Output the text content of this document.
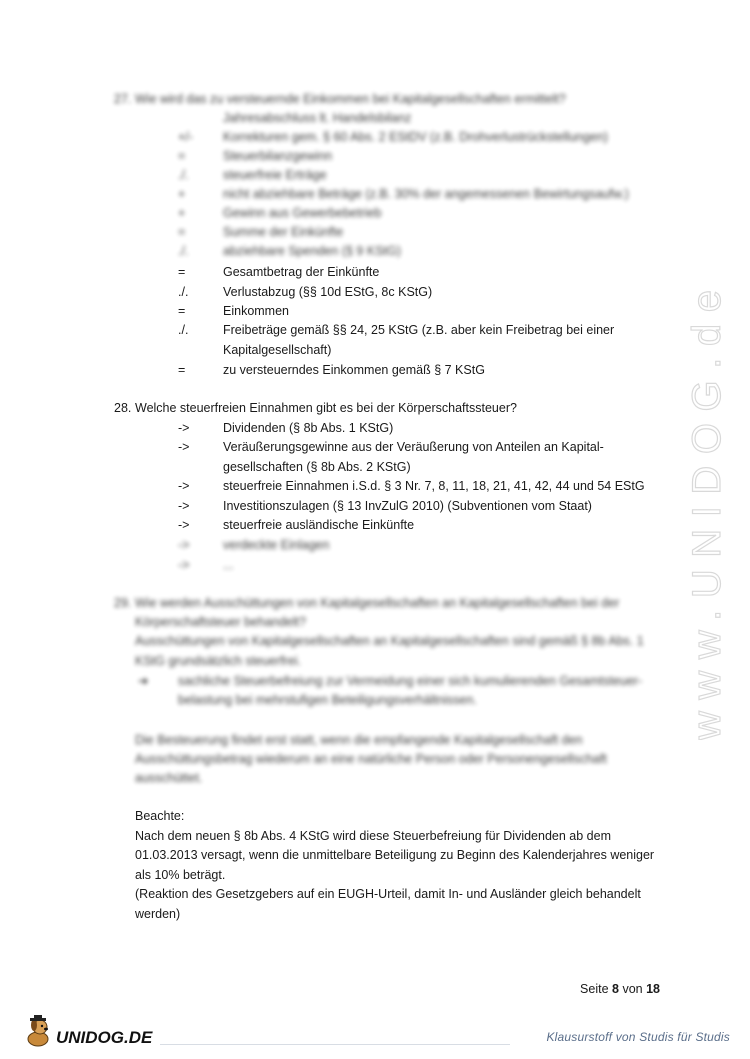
www.UNIDOG.de
27. Wie wird das zu versteuernde Einkommen bei Kapitalgesellschaften ermittelt?
Jahresabschluss lt. Handelsbilanz
+/-	Korrekturen gem. § 60 Abs. 2 EStDV (z.B. Drohverlustrückstellungen)
=	Steuerbilanzgewinn
./.	steuerfreie Erträge
+	nicht abziehbare Beträge (z.B. 30% der angemessenen Bewirtungsaufw.)
+	Gewinn aus Gewerbebetrieb
=	Summe der Einkünfte
./.	abziehbare Spenden (§ 9 KStG)
=	Gesamtbetrag der Einkünfte
./.	Verlustabzug (§§ 10d EStG, 8c KStG)
=	Einkommen
./.	Freibeträge gemäß §§ 24, 25 KStG (z.B. aber kein Freibetrag bei einer
Kapitalgesellschaft)
=	zu versteuerndes Einkommen gemäß § 7 KStG
28. Welche steuerfreien Einnahmen gibt es bei der Körperschaftssteuer?
->	Dividenden (§ 8b Abs. 1 KStG)
->	Veräußerungsgewinne aus der Veräußerung von Anteilen an Kapital-
gesellschaften (§ 8b Abs. 2 KStG)
->	steuerfreie Einnahmen i.S.d. § 3 Nr. 7, 8, 11, 18, 21, 41, 42, 44 und 54 EStG
->	Investitionszulagen (§ 13 InvZulG 2010) (Subventionen vom Staat)
->	steuerfreie ausländische Einkünfte
->	verdeckte Einlagen
->	...
29. Wie werden Ausschüttungen von Kapitalgesellschaften an Kapitalgesellschaften bei der
Körperschaftsteuer behandelt?
Ausschüttungen von Kapitalgesellschaften an Kapitalgesellschaften sind gemäß § 8b Abs. 1
KStG grundsätzlich steuerfrei.
➜ sachliche Steuerbefreiung zur Vermeidung einer sich kumulierenden Gesamtsteuer-
belastung bei mehrstufigen Beteiligungsverhältnissen.
Die Besteuerung findet erst statt, wenn die empfangende Kapitalgesellschaft den
Ausschüttungsbetrag wiederum an eine natürliche Person oder Personengesellschaft
ausschüttet.
Beachte:
Nach dem neuen § 8b Abs. 4 KStG wird diese Steuerbefreiung für Dividenden ab dem
01.03.2013 versagt, wenn die unmittelbare Beteiligung zu Beginn des Kalenderjahres weniger
als 10% beträgt.
(Reaktion des Gesetzgebers auf ein EUGH-Urteil, damit In- und Ausländer gleich behandelt
werden)
Seite 8 von 18
UNIDOG.DE	Klausurstoff von Studis für Studis
